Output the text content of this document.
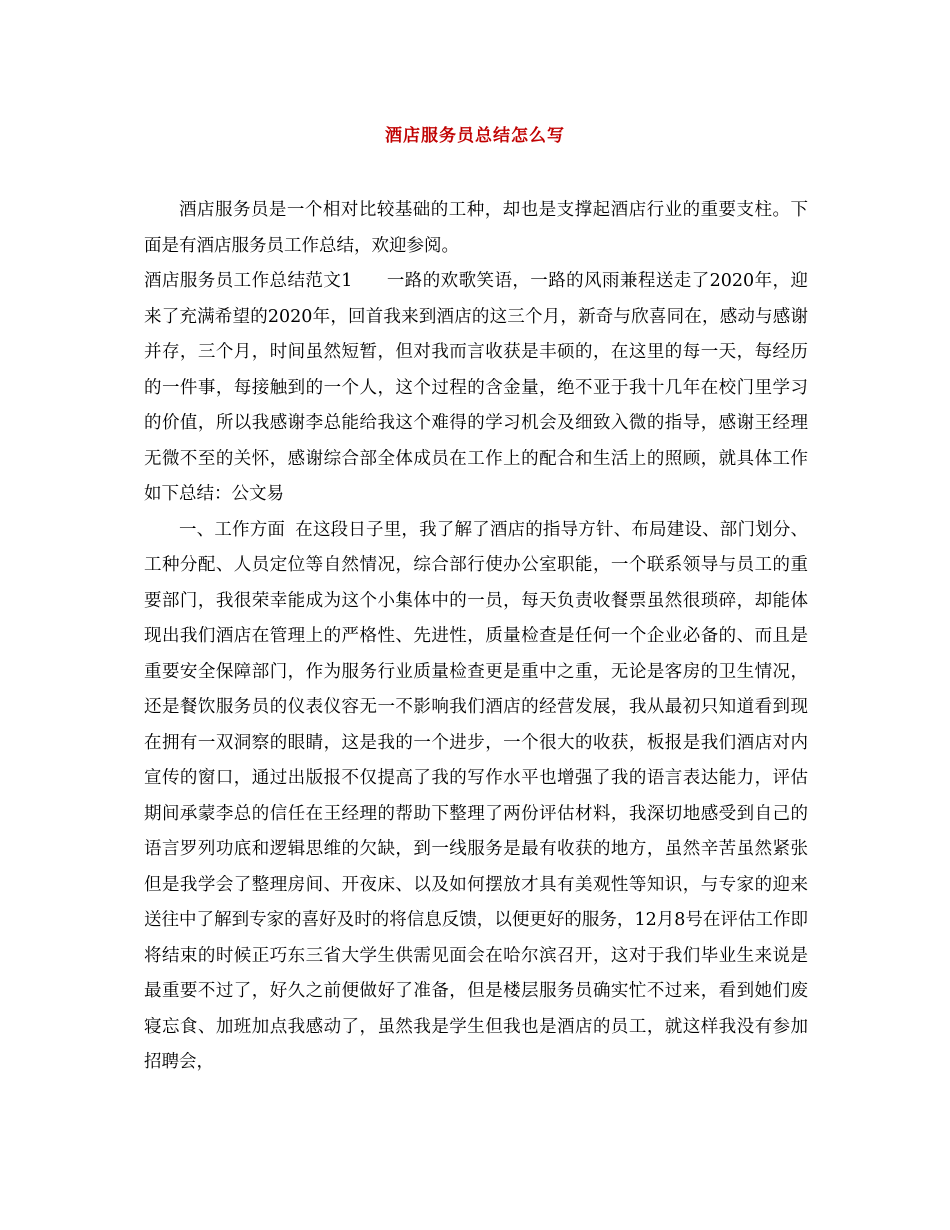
酒店服务员总结怎么写

酒店服务员是一个相对比较基础的工种，却也是支撑起酒店行业的重要支柱。下面是有酒店服务员工作总结，欢迎参阅。

酒店服务员工作总结范文1 一路的欢歌笑语，一路的风雨兼程送走了2020年，迎来了充满希望的2020年，回首我来到酒店的这三个月，新奇与欣喜同在，感动与感谢并存，三个月，时间虽然短暂，但对我而言收获是丰硕的，在这里的每一天，每经历的一件事，每接触到的一个人，这个过程的含金量，绝不亚于我十几年在校门里学习的价值，所以我感谢李总能给我这个难得的学习机会及细致入微的指导，感谢王经理无微不至的关怀，感谢综合部全体成员在工作上的配合和生活上的照顾，就具体工作如下总结：公文易

一、工作方面 在这段日子里，我了解了酒店的指导方针、布局建设、部门划分、工种分配、人员定位等自然情况，综合部行使办公室职能，一个联系领导与员工的重要部门，我很荣幸能成为这个小集体中的一员，每天负责收餐票虽然很琐碎，却能体现出我们酒店在管理上的严格性、先进性，质量检查是任何一个企业必备的、而且是重要安全保障部门，作为服务行业质量检查更是重中之重，无论是客房的卫生情况，还是餐饮服务员的仪表仪容无一不影响我们酒店的经营发展，我从最初只知道看到现在拥有一双洞察的眼睛，这是我的一个进步，一个很大的收获，板报是我们酒店对内宣传的窗口，通过出版报不仅提高了我的写作水平也增强了我的语言表达能力，评估期间承蒙李总的信任在王经理的帮助下整理了两份评估材料，我深切地感受到自己的语言罗列功底和逻辑思维的欠缺，到一线服务是最有收获的地方，虽然辛苦虽然紧张但是我学会了整理房间、开夜床、以及如何摆放才具有美观性等知识，与专家的迎来送往中了解到专家的喜好及时的将信息反馈，以便更好的服务，12月8号在评估工作即将结束的时候正巧东三省大学生供需见面会在哈尔滨召开，这对于我们毕业生来说是最重要不过了，好久之前便做好了准备，但是楼层服务员确实忙不过来，看到她们废寝忘食、加班加点我感动了，虽然我是学生但我也是酒店的员工，就这样我没有参加招聘会，
